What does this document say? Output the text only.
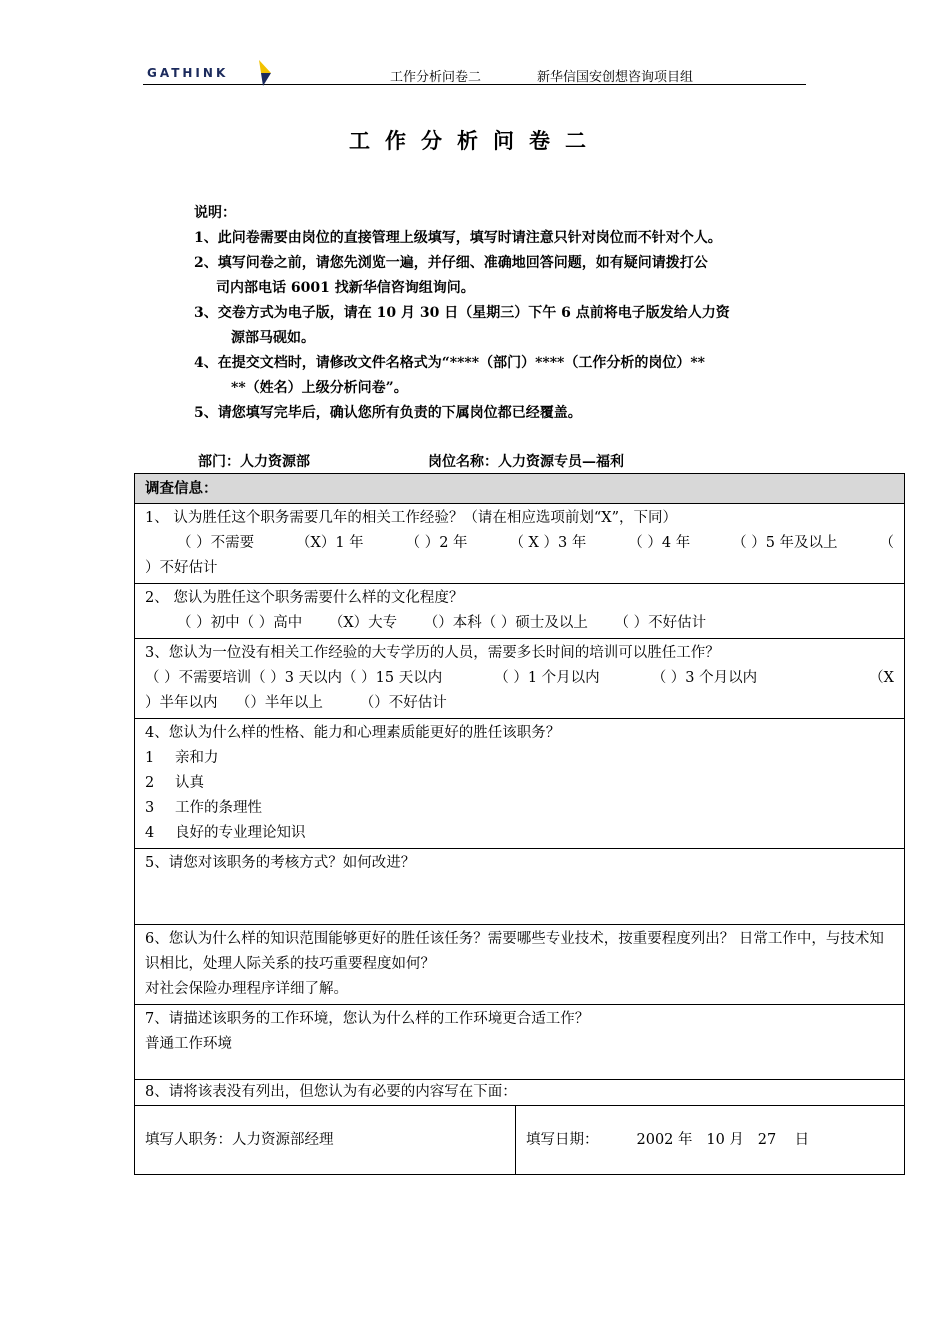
GATHINK	工作分析问卷二	新华信国安创想咨询项目组
工作分析问卷二
说明：
1、此问卷需要由岗位的直接管理上级填写，填写时请注意只针对岗位而不针对个人。
2、填写问卷之前，请您先浏览一遍，并仔细、准确地回答问题，如有疑问请拨打公
司内部电话 6001 找新华信咨询组询问。
3、交卷方式为电子版，请在 10 月 30 日（星期三）下午 6 点前将电子版发给人力资
源部马砚如。
4、在提交文档时，请修改文件名格式为“****（部门）****（工作分析的岗位）**
**（姓名）上级分析问卷”。
5、请您填写完毕后，确认您所有负责的下属岗位都已经覆盖。
部门：人力资源部	岗位名称：人力资源专员—福利
调查信息：

1、 认为胜任这个职务需要几年的相关工作经验？（请在相应选项前划“X”，下同）
（ ）不需要	（X）1 年	（ ）2 年	（ X ）3 年	（ ）4 年	（ ）5 年及以上	（
）不好估计

2、 您认为胜任这个职务需要什么样的文化程度？
（ ）初中（ ）高中 （X）大专 （）本科（ ）硕士及以上 （ ）不好估计

3、您认为一位没有相关工作经验的大专学历的人员，需要多长时间的培训可以胜任工作？
（ ）不需要培训（ ）3 天以内（ ）15 天以内	（ ）1 个月以内	（ ）3 个月以内	（X
）半年以内    （）半年以上        （）不好估计

4、您认为什么样的性格、能力和心理素质能更好的胜任该职务？
1	亲和力
2	认真
3	工作的条理性
4	良好的专业理论知识

5、请您对该职务的考核方式？如何改进？

6、您认为什么样的知识范围能够更好的胜任该任务？需要哪些专业技术，按重要程度列出？ 日常工作中，与技术知识相比，处理人际关系的技巧重要程度如何？
对社会保险办理程序详细了解。

7、请描述该职务的工作环境，您认为什么样的工作环境更合适工作？
普通工作环境

8、请将该表没有列出，但您认为有必要的内容写在下面：

填写人职务：人力资源部经理	填写日期：	2002 年   10 月   27    日
